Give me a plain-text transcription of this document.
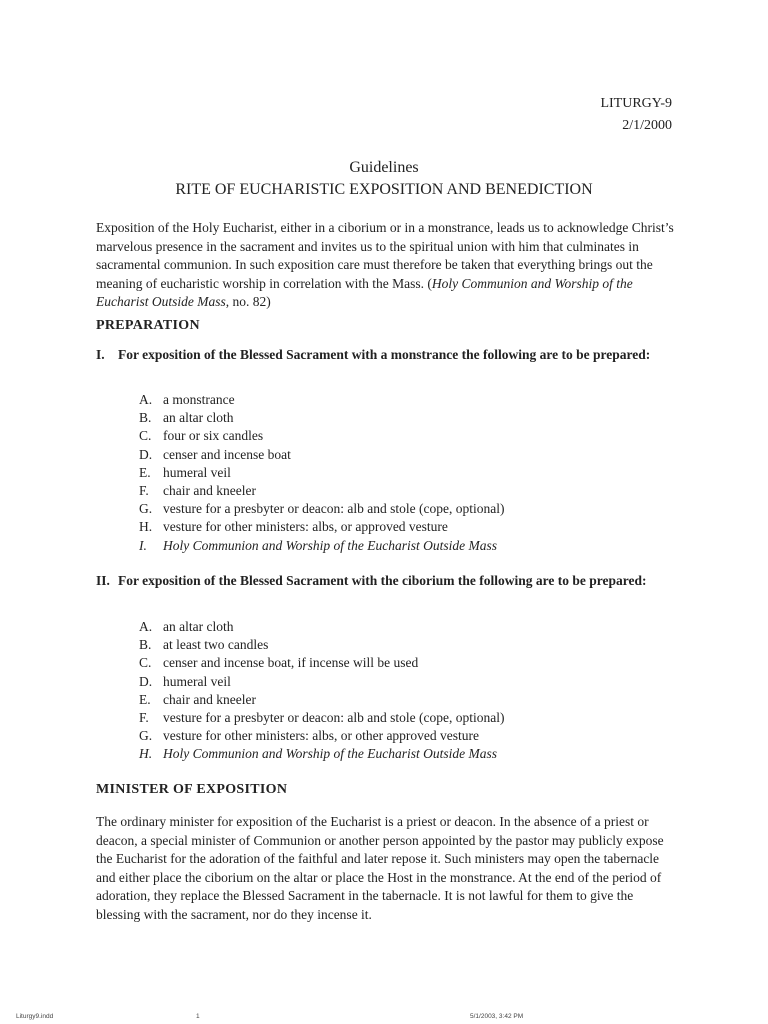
LITURGY-9
2/1/2000
Guidelines
RITE OF EUCHARISTIC EXPOSITION AND BENEDICTION
Exposition of the Holy Eucharist, either in a ciborium or in a monstrance, leads us to acknowledge Christ’s marvelous presence in the sacrament and invites us to the spiritual union with him that culminates in sacramental communion. In such exposition care must therefore be taken that everything brings out the meaning of eucharistic worship in correlation with the Mass. (Holy Communion and Worship of the Eucharist Outside Mass, no. 82)
PREPARATION
I. For exposition of the Blessed Sacrament with a monstrance the following are to be prepared:
A. a monstrance
B. an altar cloth
C. four or six candles
D. censer and incense boat
E. humeral veil
F. chair and kneeler
G. vesture for a presbyter or deacon: alb and stole (cope, optional)
H. vesture for other ministers: albs, or approved vesture
I. Holy Communion and Worship of the Eucharist Outside Mass
II. For exposition of the Blessed Sacrament with the ciborium the following are to be prepared:
A. an altar cloth
B. at least two candles
C. censer and incense boat, if incense will be used
D. humeral veil
E. chair and kneeler
F. vesture for a presbyter or deacon: alb and stole (cope, optional)
G. vesture for other ministers: albs, or other approved vesture
H. Holy Communion and Worship of the Eucharist Outside Mass
MINISTER OF EXPOSITION
The ordinary minister for exposition of the Eucharist is a priest or deacon. In the absence of a priest or deacon, a special minister of Communion or another person appointed by the pastor may publicly expose the Eucharist for the adoration of the faithful and later repose it. Such ministers may open the tabernacle and either place the ciborium on the altar or place the Host in the monstrance. At the end of the period of adoration, they replace the Blessed Sacrament in the tabernacle. It is not lawful for them to give the blessing with the sacrament, nor do they incense it.
Liturgy9.indd	1	5/1/2003, 3:42 PM
